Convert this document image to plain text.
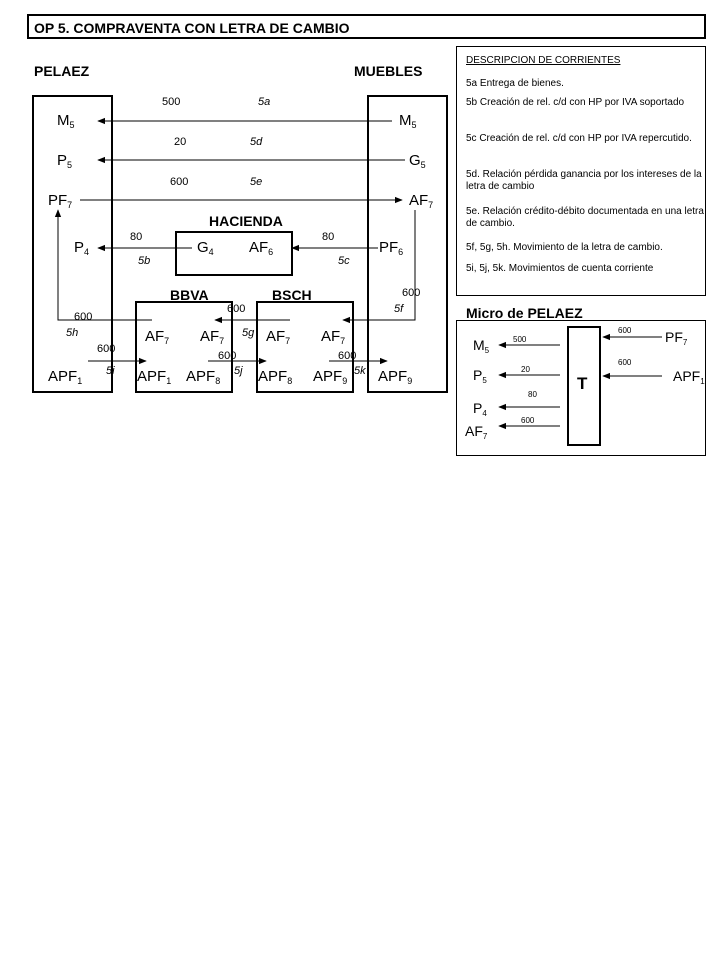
OP 5. COMPRAVENTA CON LETRA DE CAMBIO
PELAEZ	MUEBLES
HACIENDA
BBVA	BSCH
$M_5$
$P_5$
$PF_7$
$P_4$
$APF_1$
$M_5$
$G_5$
$AF_7$
$PF_6$
$APF_9$
$G_4$ $AF_6$
$AF_7$ $AF_7$
$APF_1$ $APF_8$
$AF_7$ $AF_7$
$APF_8$ $APF_9$
500	5a
20	5d
600	5e
80
5b
80
5c
600
5f
600
5g
600
5h
600
5i
600
5j
600
5k
DESCRIPCION DE CORRIENTES
5a Entrega de bienes.
5b Creación de rel. c/d con HP por IVA soportado
5c Creación de rel. c/d con HP por IVA repercutido.
5d. Relación pérdida ganancia por los intereses de la letra de cambio
5e. Relación crédito-débito documentada en una letra de cambio.
5f, 5g, 5h. Movimiento de la letra de cambio.
5i, 5j, 5k. Movimientos de cuenta corriente
Micro de PELAEZ
T
$M_5$
500
$P_5$
20
$P_4$
80
$AF_7$
600
$PF_7$
600
$APF_1$
600
